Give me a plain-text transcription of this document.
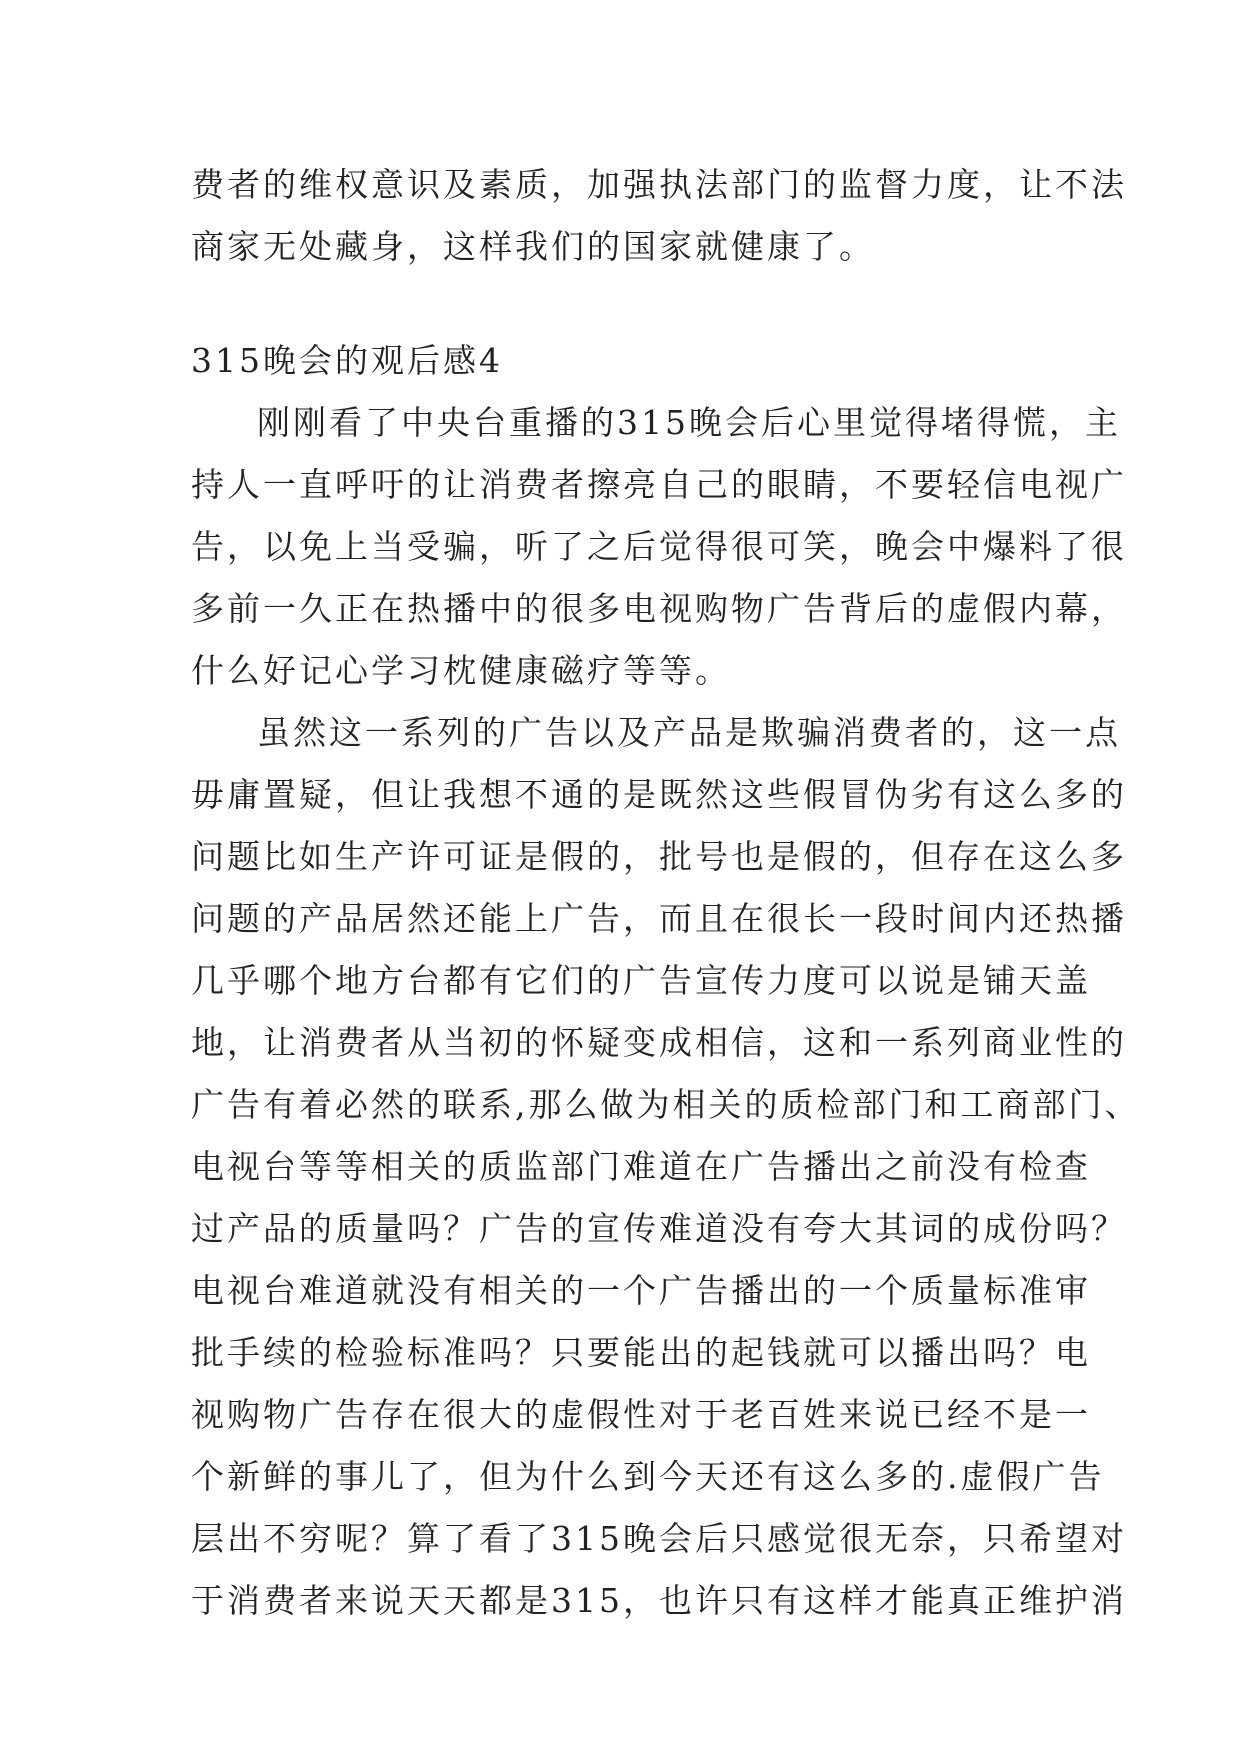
费者的维权意识及素质，加强执法部门的监督力度，让不法
商家无处藏身，这样我们的国家就健康了。
315晚会的观后感4
刚刚看了中央台重播的315晚会后心里觉得堵得慌，主
持人一直呼吁的让消费者擦亮自己的眼睛，不要轻信电视广
告，以免上当受骗，听了之后觉得很可笑，晚会中爆料了很
多前一久正在热播中的很多电视购物广告背后的虚假内幕，
什么好记心学习枕健康磁疗等等。
虽然这一系列的广告以及产品是欺骗消费者的，这一点
毋庸置疑，但让我想不通的是既然这些假冒伪劣有这么多的
问题比如生产许可证是假的，批号也是假的，但存在这么多
问题的产品居然还能上广告，而且在很长一段时间内还热播
几乎哪个地方台都有它们的广告宣传力度可以说是铺天盖
地，让消费者从当初的怀疑变成相信，这和一系列商业性的
广告有着必然的联系,那么做为相关的质检部门和工商部门、
电视台等等相关的质监部门难道在广告播出之前没有检查
过产品的质量吗？广告的宣传难道没有夸大其词的成份吗？
电视台难道就没有相关的一个广告播出的一个质量标准审
批手续的检验标准吗？只要能出的起钱就可以播出吗？电
视购物广告存在很大的虚假性对于老百姓来说已经不是一
个新鲜的事儿了，但为什么到今天还有这么多的.虚假广告
层出不穷呢？算了看了315晚会后只感觉很无奈，只希望对
于消费者来说天天都是315，也许只有这样才能真正维护消
